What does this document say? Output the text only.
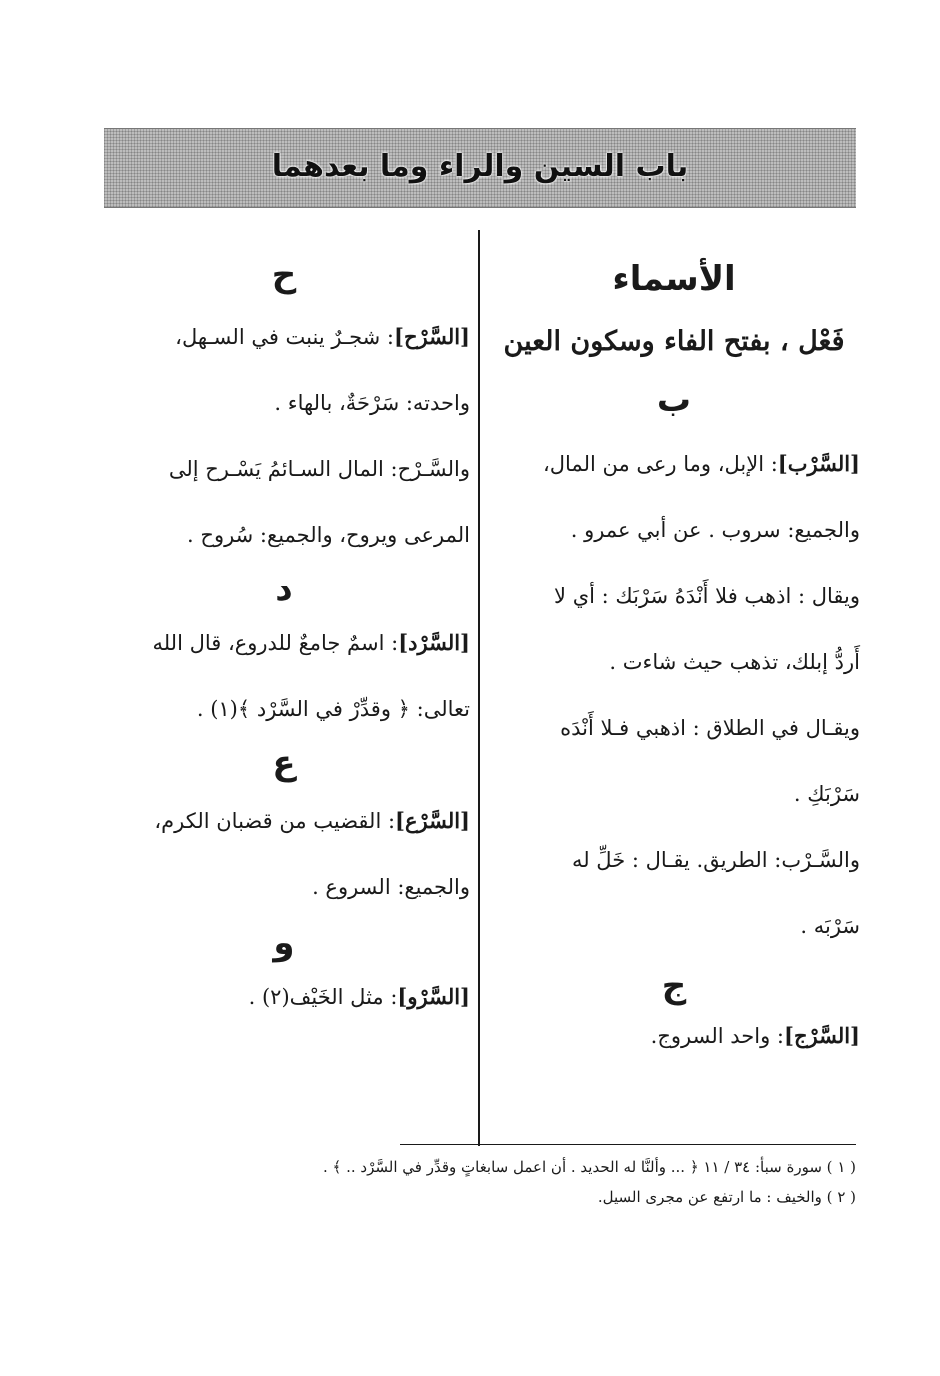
باب السين والراء وما بعدهما
الأسماء
فَعْل ، بفتح الفاء وسكون العين
ب
[السَّرْب]: الإبل، وما رعى من المال،
والجميع: سروب . عن أبي عمرو .
ويقال : اذهب فلا أَنْدَهُ سَرْبَك : أي لا
أَردُّ إبلك، تذهب حيث شاءت .
ويقـال في الطلاق : اذهبي فـلا أَنْدَه
سَرْبَكِ .
والسَّـرْب: الطريق. يقـال : خَلِّ له
سَرْبَه .
ج
[السَّرْج]: واحد السروج.
ح
[السَّرْح]: شجـرٌ ينبت في السـهل،
واحدته: سَرْحَةٌ، بالهاء .
والسَّـرْح: المال السـائمُ يَسْـرح إلى
المرعى ويروح، والجميع: سُروح .
د
[السَّرْد]: اسمٌ جامعٌ للدروع، قال الله
تعالى: ﴿ وقدِّرْ في السَّرْد ﴾(١) .
ع
[السَّرْع]: القضيب من قضبان الكرم،
والجميع: السروع .
و
[السَّرْو]: مثل الخَيْف(٢) .
( ١ ) سورة سبأ: ٣٤ / ١١ ﴿ ... وألنَّا له الحديد . أن اعمل سابغاتٍ وقدِّر في السَّرْد .. ﴾ .
( ٢ ) والخيف : ما ارتفع عن مجرى السيل.
